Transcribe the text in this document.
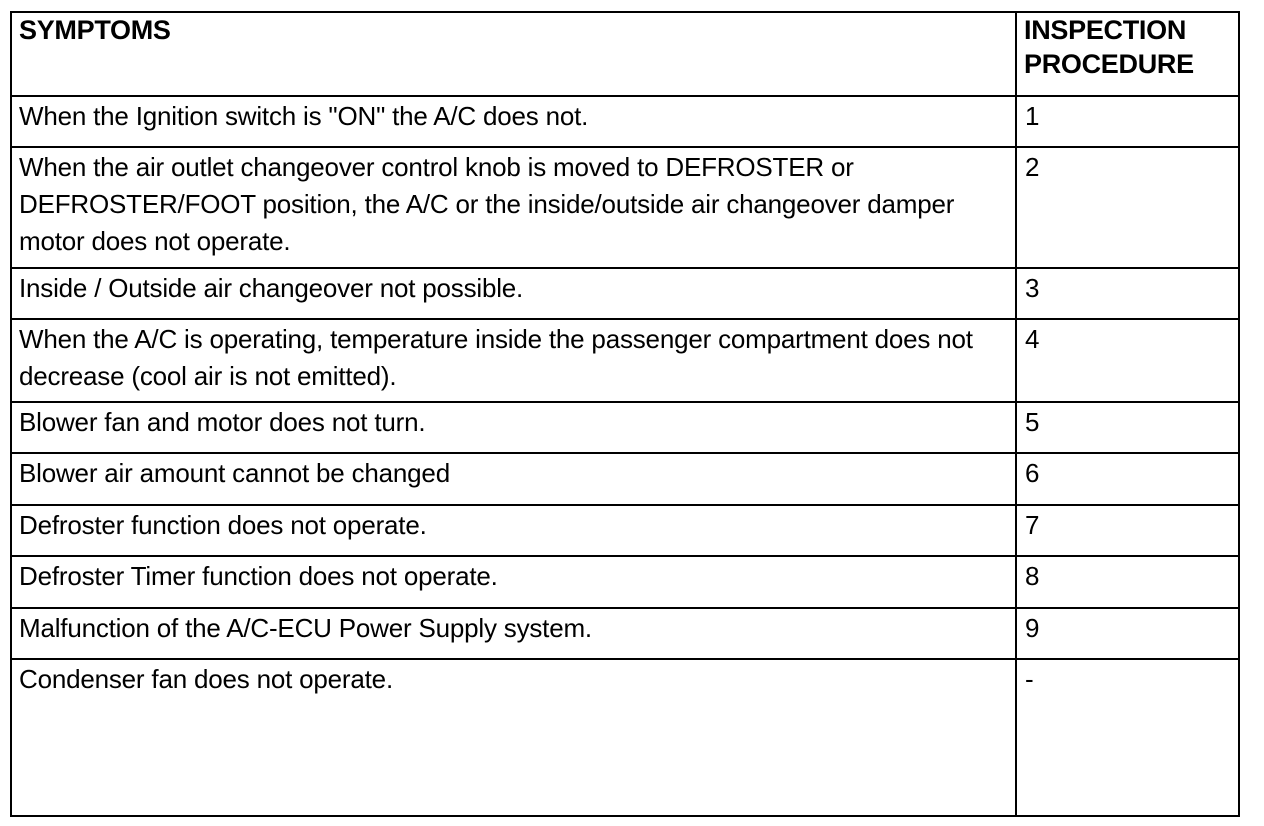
SYMPTOMS	INSPECTION PROCEDURE
When the Ignition switch is "ON" the A/C does not.	1
When the air outlet changeover control knob is moved to DEFROSTER or DEFROSTER/FOOT position, the A/C or the inside/outside air changeover damper motor does not operate.	2
Inside / Outside air changeover not possible.	3
When the A/C is operating, temperature inside the passenger compartment does not decrease (cool air is not emitted).	4
Blower fan and motor does not turn.	5
Blower air amount cannot be changed	6
Defroster function does not operate.	7
Defroster Timer function does not operate.	8
Malfunction of the A/C-ECU Power Supply system.	9
Condenser fan does not operate.	-
